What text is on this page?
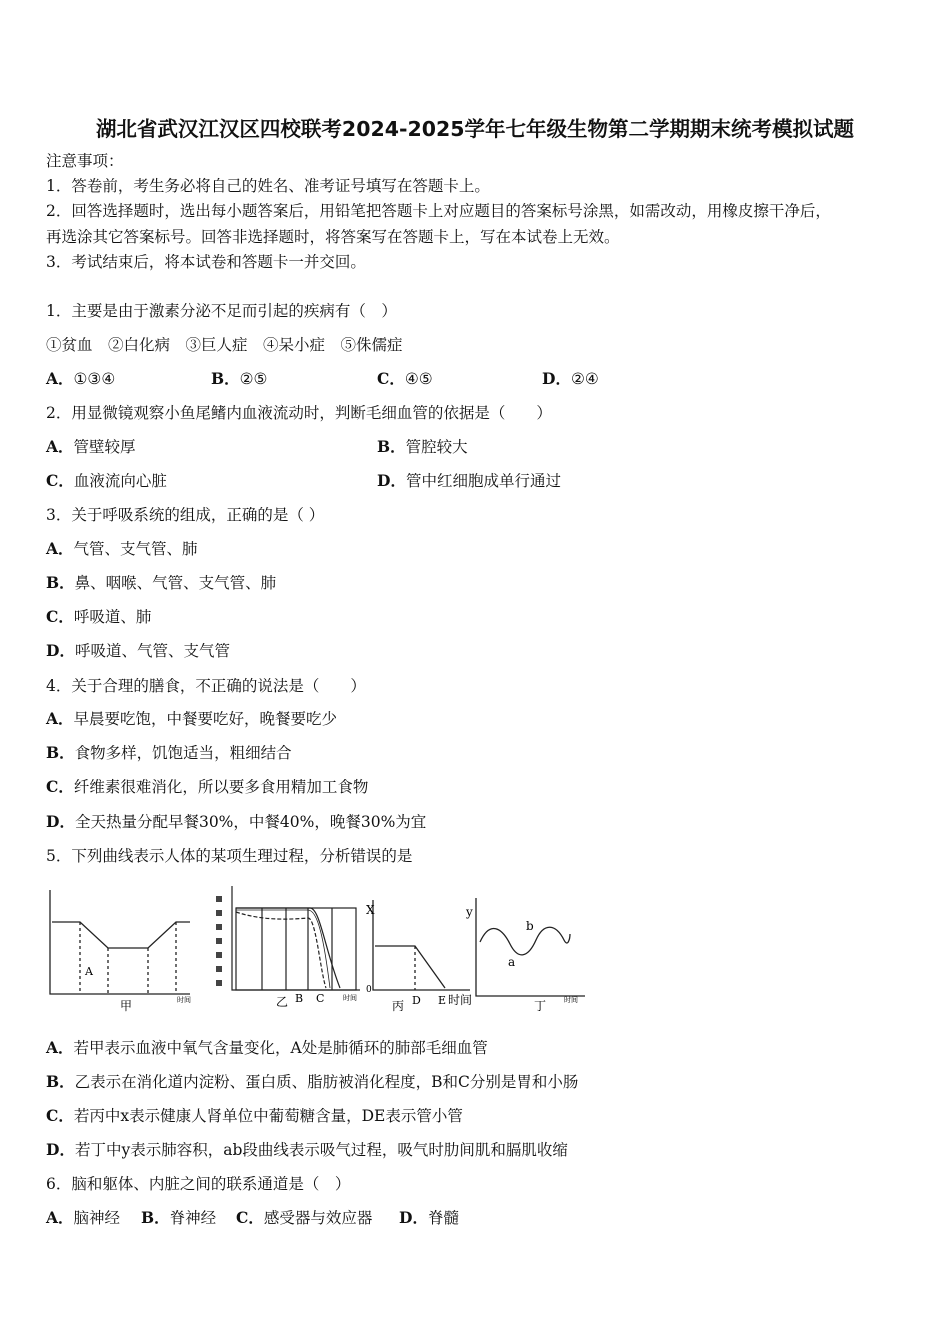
湖北省武汉江汉区四校联考2024-2025学年七年级生物第二学期期末统考模拟试题
注意事项：
1．答卷前，考生务必将自己的姓名、准考证号填写在答题卡上。
2．回答选择题时，选出每小题答案后，用铅笔把答题卡上对应题目的答案标号涂黑，如需改动，用橡皮擦干净后，
再选涂其它答案标号。回答非选择题时，将答案写在答题卡上，写在本试卷上无效。
3．考试结束后，将本试卷和答题卡一并交回。
1．主要是由于激素分泌不足而引起的疾病有（　）
①贫血　②白化病　③巨人症　④呆小症　⑤侏儒症
A．①③④	B．②⑤	C．④⑤	D．②④
2．用显微镜观察小鱼尾鳍内血液流动时，判断毛细血管的依据是（　　）
A．管壁较厚	B．管腔较大
C．血液流向心脏	D．管中红细胞成单行通过
3．关于呼吸系统的组成，正确的是（ ）
A．气管、支气管、肺
B．鼻、咽喉、气管、支气管、肺
C．呼吸道、肺
D．呼吸道、气管、支气管
4．关于合理的膳食，不正确的说法是（　　）
A．早晨要吃饱，中餐要吃好，晚餐要吃少
B．食物多样，饥饱适当，粗细结合
C．纤维素很难消化，所以要多食用精加工食物
D．全天热量分配早餐30%，中餐40%，晚餐30%为宜
5．下列曲线表示人体的某项生理过程，分析错误的是
A
甲	时间	B C
乙	时间
X
0
D E
丙	时间
y
a
b
丁	时间
A．若甲表示血液中氧气含量变化，A处是肺循环的肺部毛细血管
B．乙表示在消化道内淀粉、蛋白质、脂肪被消化程度，B和C分别是胃和小肠
C．若丙中x表示健康人肾单位中葡萄糖含量，DE表示管小管
D．若丁中y表示肺容积，ab段曲线表示吸气过程，吸气时肋间肌和膈肌收缩
6．脑和躯体、内脏之间的联系通道是（　）
A．脑神经 B．脊神经 C．感受器与效应器 D．脊髓
